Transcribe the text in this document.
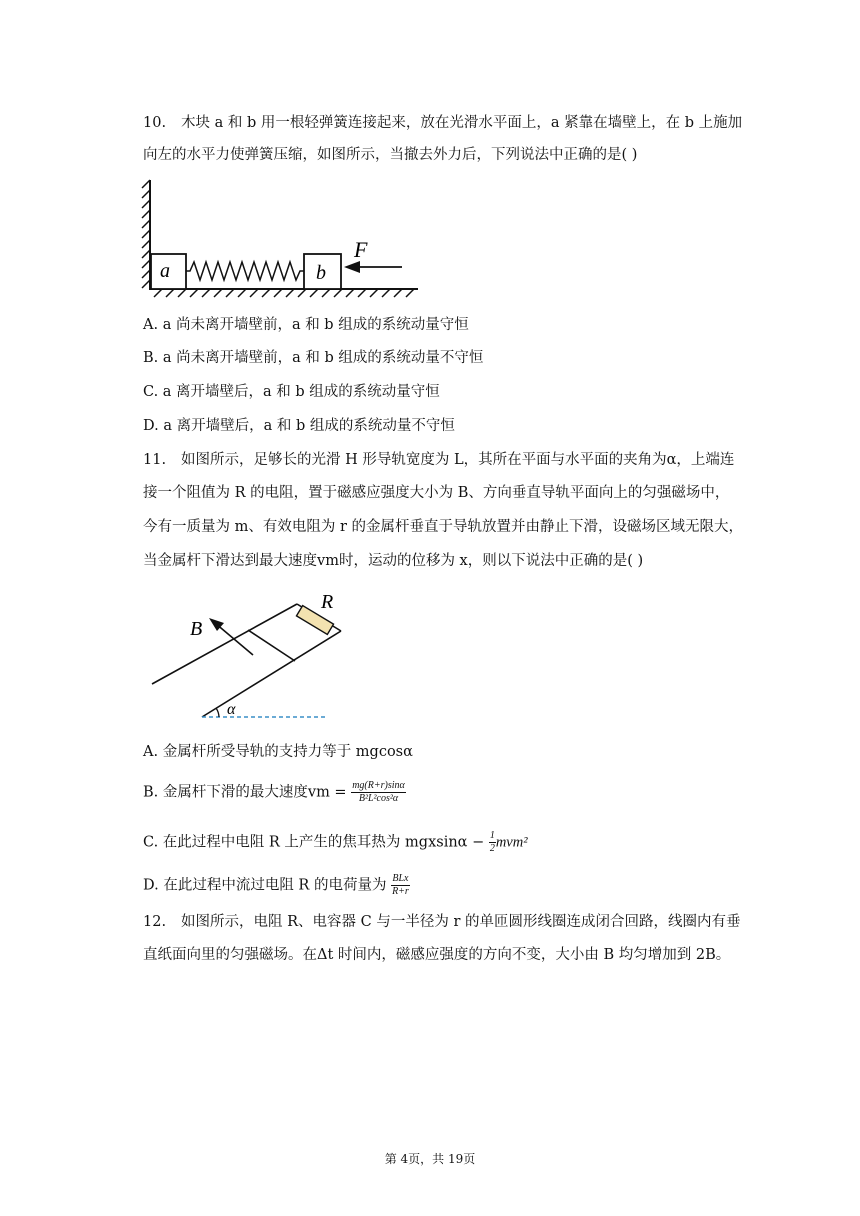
10. 木块 a 和 b 用一根轻弹簧连接起来，放在光滑水平面上，a 紧靠在墙壁上，在 b 上施加
向左的水平力使弹簧压缩，如图所示，当撤去外力后，下列说法中正确的是( )
a	b
F
A. a 尚未离开墙壁前，a 和 b 组成的系统动量守恒
B. a 尚未离开墙壁前，a 和 b 组成的系统动量不守恒
C. a 离开墙壁后，a 和 b 组成的系统动量守恒
D. a 离开墙壁后，a 和 b 组成的系统动量不守恒
11. 如图所示，足够长的光滑 H 形导轨宽度为 L，其所在平面与水平面的夹角为α，上端连
接一个阻值为 R 的电阻，置于磁感应强度大小为 B、方向垂直导轨平面向上的匀强磁场中，
今有一质量为 m、有效电阻为 r 的金属杆垂直于导轨放置并由静止下滑，设磁场区域无限大，
当金属杆下滑达到最大速度vm时，运动的位移为 x，则以下说法中正确的是( )
R
B
α
A. 金属杆所受导轨的支持力等于 mgcosα
B. 金属杆下滑的最大速度vm = $\frac{mg(R+r)\sin\alpha}{\text{B²L²cos²α}}$
C. 在此过程中电阻 R 上产生的焦耳热为 $mgxsin\alpha - \frac{1}{2} mvm^2$
D. 在此过程中流过电阻 R 的电荷量为 $\frac{\text{BLx}}{R+r}$
12. 如图所示，电阻 R、电容器 C 与一半径为 r 的单匝圆形线圈连成闭合回路，线圈内有垂
直纸面向里的匀强磁场。在Δt 时间内，磁感应强度的方向不变，大小由 B 均匀增加到 2B。
第 4页，共 19页
